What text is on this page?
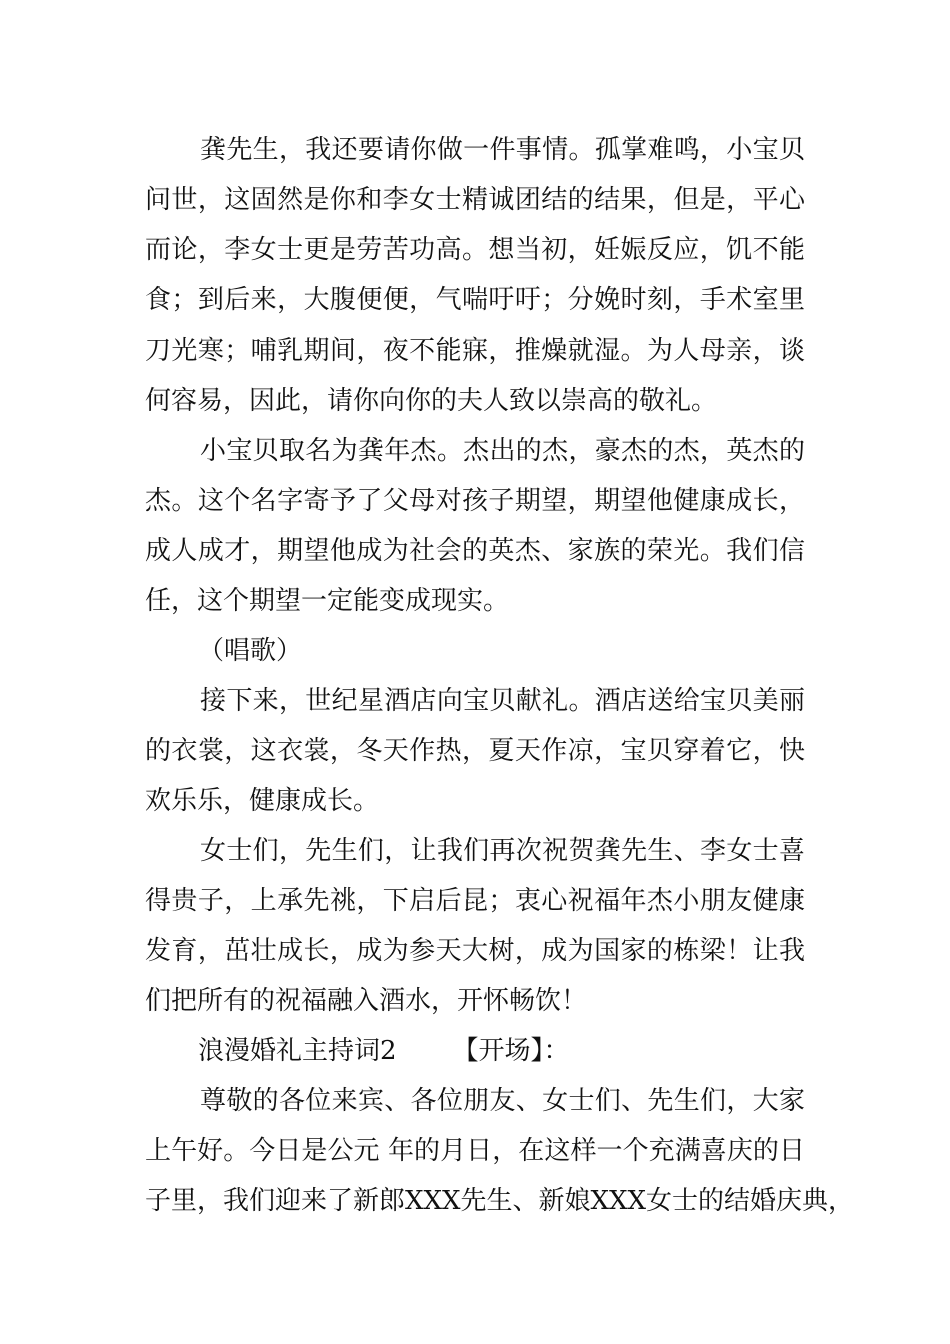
龚先生，我还要请你做一件事情。孤掌难鸣，小宝贝
问世，这固然是你和李女士精诚团结的结果，但是，平心
而论，李女士更是劳苦功高。想当初，妊娠反应，饥不能
食；到后来，大腹便便，气喘吁吁；分娩时刻，手术室里
刀光寒；哺乳期间，夜不能寐，推燥就湿。为人母亲，谈
何容易，因此，请你向你的夫人致以崇高的敬礼。
小宝贝取名为龚年杰。杰出的杰，豪杰的杰，英杰的
杰。这个名字寄予了父母对孩子期望，期望他健康成长，
成人成才，期望他成为社会的英杰、家族的荣光。我们信
任，这个期望一定能变成现实。
（唱歌）
接下来，世纪星酒店向宝贝献礼。酒店送给宝贝美丽
的衣裳，这衣裳，冬天作热，夏天作凉，宝贝穿着它，快
欢乐乐，健康成长。
女士们，先生们，让我们再次祝贺龚先生、李女士喜
得贵子，上承先祧，下启后昆；衷心祝福年杰小朋友健康
发育，茁壮成长，成为参天大树，成为国家的栋梁！让我
们把所有的祝福融入酒水，开怀畅饮！
浪漫婚礼主持词2 【开场】：
尊敬的各位来宾、各位朋友、女士们、先生们，大家
上午好。今日是公元 年的月日，在这样一个充满喜庆的日
子里，我们迎来了新郎XXX先生、新娘XXX女士的结婚庆典，
